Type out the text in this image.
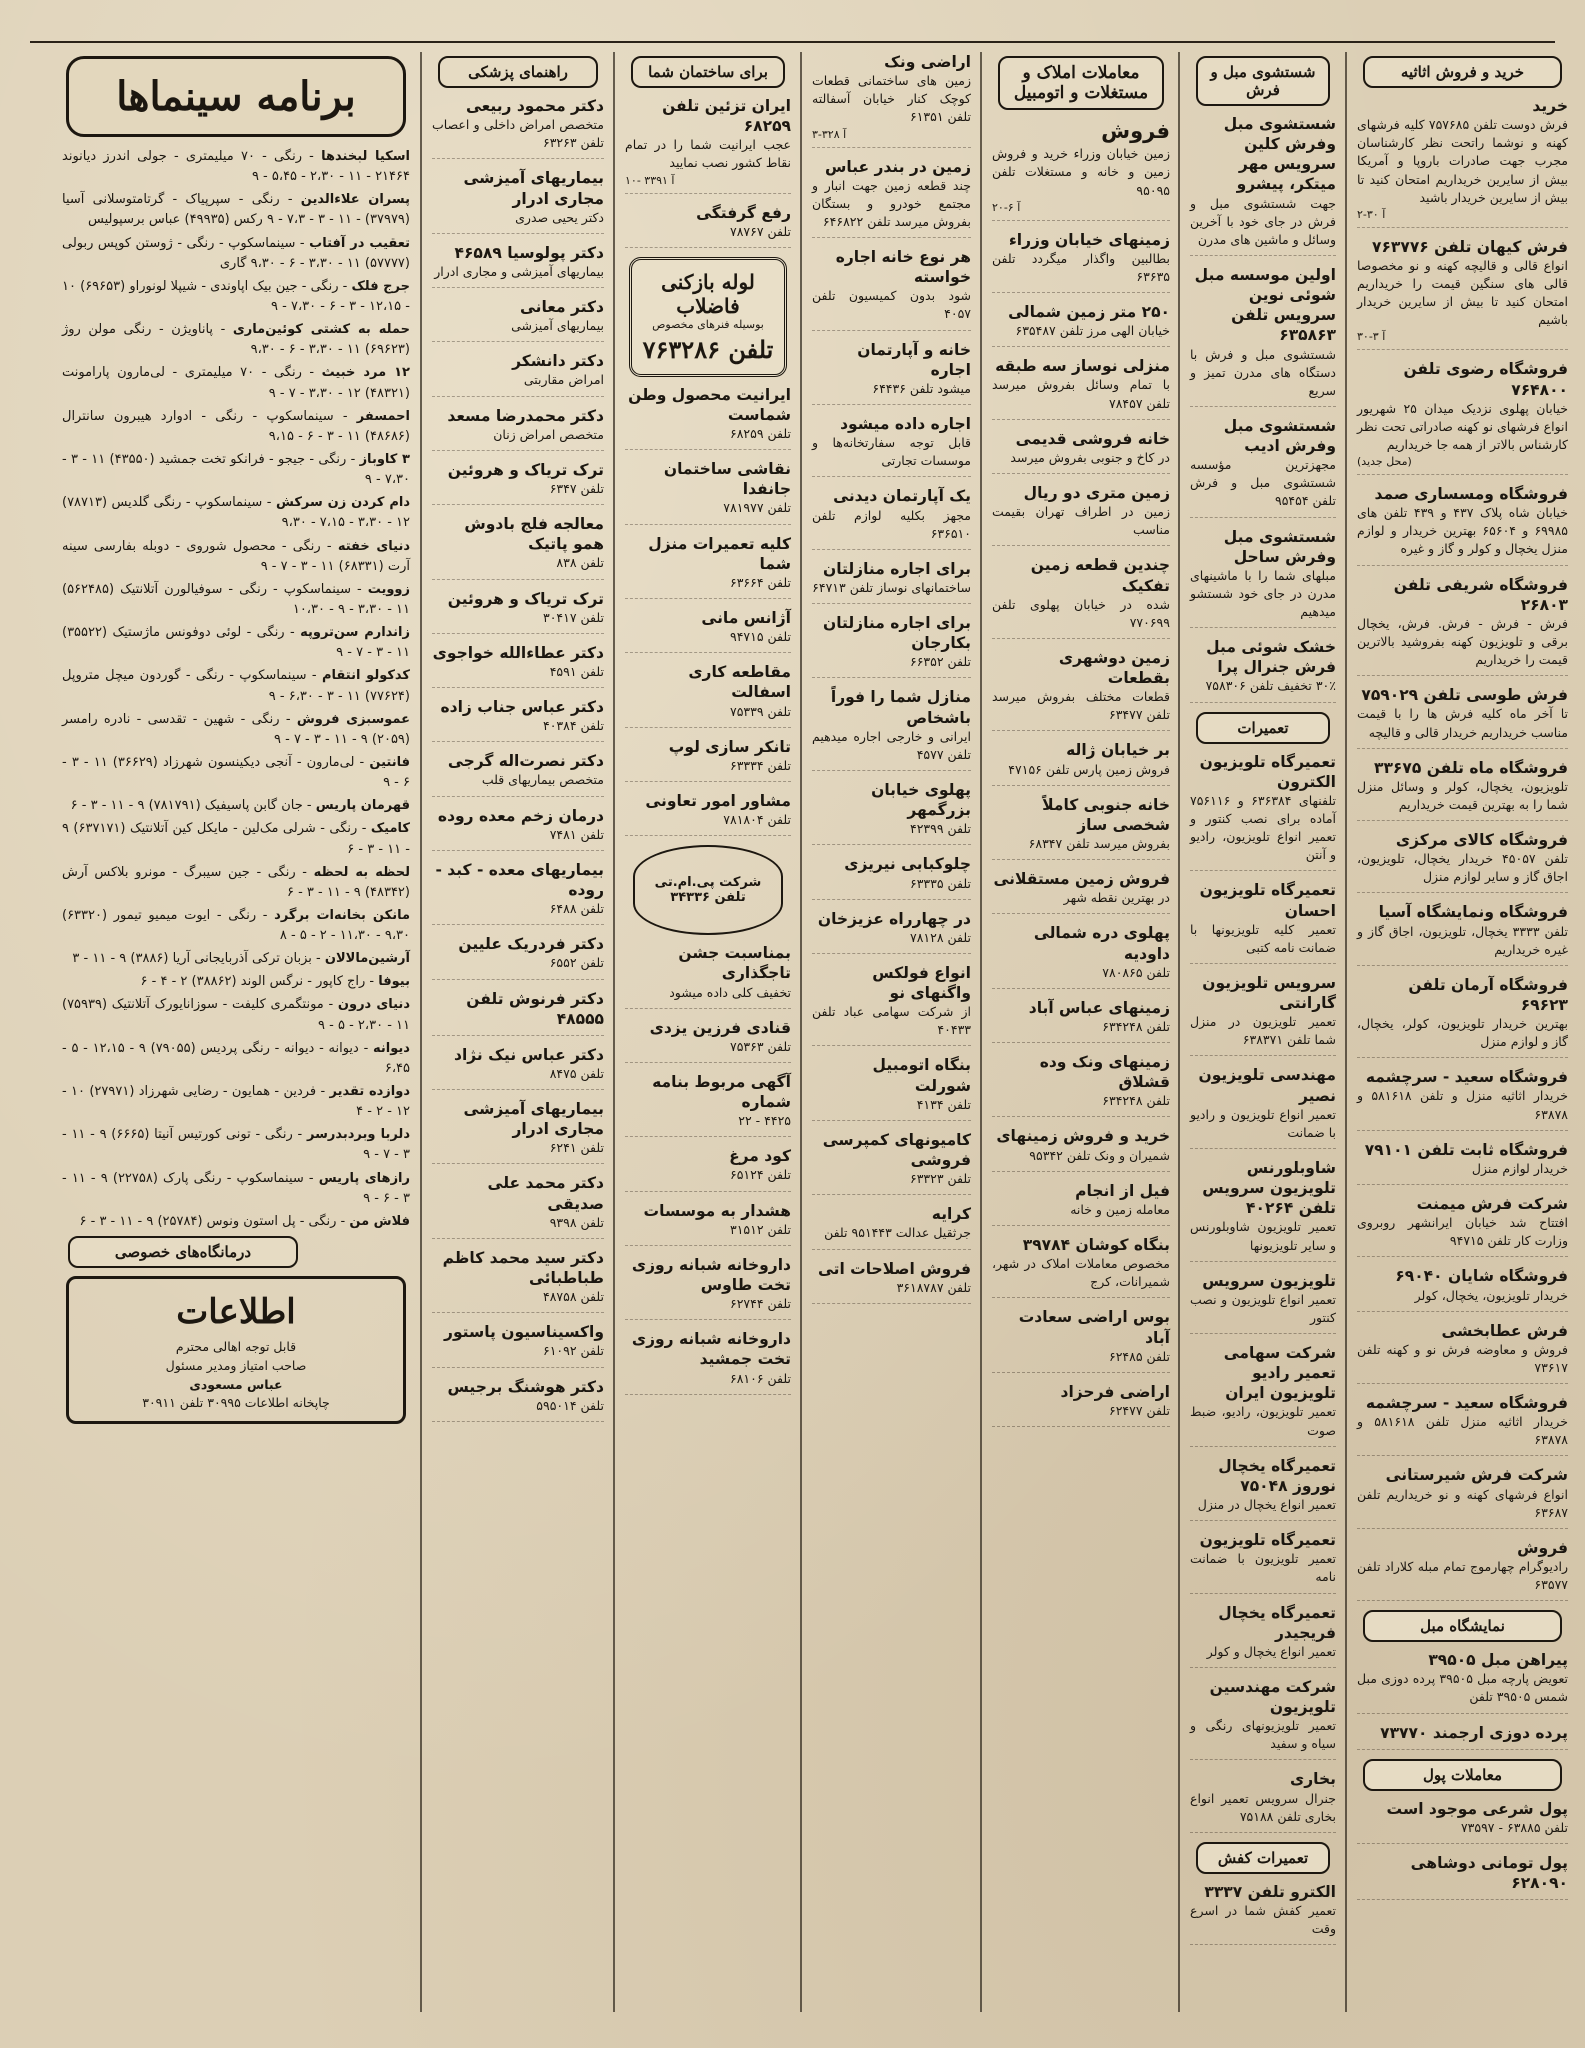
خرید و فروش اثاثیه
خرید

فرش دوست تلفن ۷۵۷۶۸۵ کلیه فرشهای کهنه و نوشما راتحت نظر کارشناسان مجرب جهت صادرات باروپا و آمریکا بیش از سایرین خریداریم امتحان کنید تا بیش از سایرین خریدار باشید

۲-۳۰ آ
فرش کیهان تلفن ۷۶۳۷۷۶

انواع قالی و قالیچه کهنه و نو مخصوصا قالی های سنگین قیمت را خریداریم امتحان کنید تا بیش از سایرین خریدار باشیم

۳۰-۳ آ
فروشگاه رضوی تلفن ۷۶۴۸۰۰

خیابان پهلوی نزدیک میدان ۲۵ شهریور انواع فرشهای نو کهنه صادراتی تحت نظر کارشناس بالاتر از همه جا خریداریم

(محل جدید)
فروشگاه ومسساری صمد

خیابان شاه پلاک ۴۳۷ و ۴۳۹ تلفن های ۶۹۹۸۵ و ۶۵۶۰۴ بهترین خریدار و لوازم منزل یخچال و کولر و گاز و غیره

فروشگاه شریفی تلفن ۲۶۸۰۳

فرش - فرش - فرش. فرش، یخچال برقی و تلویزیون کهنه بفروشید بالاترین قیمت را خریداریم

فرش طوسی تلفن ۷۵۹۰۲۹

تا آخر ماه کلیه فرش ها را با قیمت مناسب خریداریم خریدار قالی و قالیچه

فروشگاه ماه تلفن ۳۳۶۷۵

تلویزیون، یخچال، کولر و وسائل منزل شما را به بهترین قیمت خریداریم

فروشگاه کالای مرکزی

تلفن ۴۵۰۵۷ خریدار یخچال، تلویزیون، اجاق گاز و سایر لوازم منزل

فروشگاه ونمایشگاه آسیا

تلفن ۳۳۳۳ یخچال، تلویزیون، اجاق گاز و غیره خریداریم

فروشگاه آرمان تلفن ۶۹۶۲۳

بهترین خریدار تلویزیون، کولر، یخچال، گاز و لوازم منزل

فروشگاه سعید - سرچشمه

خریدار اثاثیه منزل و تلفن ۵۸۱۶۱۸ و ۶۳۸۷۸

فروشگاه ثابت تلفن ۷۹۱۰۱

خریدار لوازم منزل

شرکت فرش میمنت

افتتاح شد خیابان ایرانشهر روبروی وزارت کار تلفن ۹۴۷۱۵

فروشگاه شایان ۶۹۰۴۰

خریدار تلویزیون، یخچال، کولر

فرش عطابخشی

فروش و معاوضه فرش نو و کهنه تلفن ۷۳۶۱۷

فروشگاه سعید - سرچشمه

خریدار اثاثیه منزل تلفن ۵۸۱۶۱۸ و ۶۳۸۷۸

شرکت فرش شیرستانی

انواع فرشهای کهنه و نو خریداریم تلفن ۶۳۶۸۷

فروش

رادیوگرام چهارموج تمام مبله کلاراد تلفن ۶۳۵۷۷

نمایشگاه مبل
پیراهن مبل ۳۹۵۰۵

تعویض پارچه مبل ۳۹۵۰۵ پرده دوزی مبل شمس ۳۹۵۰۵ تلفن

پرده دوزی ارجمند ۷۳۷۷۰
معاملات پول
پول شرعی موجود است

تلفن ۶۳۸۸۵ - ۷۳۵۹۷

پول تومانی دوشاهی ۶۲۸۰۹۰
شستشوی مبل و فرش
شستشوی مبل وفرش کلین سرویس مهر میتکر، پیشرو

جهت شستشوی مبل و فرش در جای خود با آخرین وسائل و ماشین های مدرن

اولین موسسه مبل شوئی نوین سرویس تلفن ۶۳۵۸۶۳

شستشوی مبل و فرش با دستگاه های مدرن تمیز و سریع

شستشوی مبل وفرش ادیب

مجهزترین مؤسسه شستشوی مبل و فرش تلفن ۹۵۴۵۴

شستشوی مبل وفرش ساحل

مبلهای شما را با ماشینهای مدرن در جای خود شستشو میدهیم

خشک شوئی مبل فرش جنرال پرا

۳۰٪ تخفیف تلفن ۷۵۸۳۰۶

تعمیرات
تعمیرگاه تلویزیون الکترون

تلفنهای ۶۳۶۳۸۴ و ۷۵۶۱۱۶ آماده برای نصب کنتور و تعمیر انواع تلویزیون، رادیو و آنتن

تعمیرگاه تلویزیون احسان

تعمیر کلیه تلویزیونها با ضمانت نامه کتبی

سرویس تلویزیون گارانتی

تعمیر تلویزیون در منزل شما تلفن ۶۳۸۳۷۱

مهندسی تلویزیون نصیر

تعمیر انواع تلویزیون و رادیو با ضمانت

شاوبلورنس تلویزیون سرویس تلفن ۴۰۲۶۴

تعمیر تلویزیون شاوبلورنس و سایر تلویزیونها

تلویزیون سرویس

تعمیر انواع تلویزیون و نصب کنتور

شرکت سهامی تعمیر رادیو تلویزیون ایران

تعمیر تلویزیون، رادیو، ضبط صوت

تعمیرگاه یخچال نوروز ۷۵۰۴۸

تعمیر انواع یخچال در منزل

تعمیرگاه تلویزیون

تعمیر تلویزیون با ضمانت نامه

تعمیرگاه یخچال فریجیدر

تعمیر انواع یخچال و کولر

شرکت مهندسین تلویزیون

تعمیر تلویزیونهای رنگی و سیاه و سفید

بخاری

جنرال سرویس تعمیر انواع بخاری تلفن ۷۵۱۸۸

تعمیرات کفش
الکترو تلفن ۳۳۳۷

تعمیر کفش شما در اسرع وقت

معاملات املاک و مستغلات و اتومبیل
فروش

زمین خیابان وزراء خرید و فروش زمین و خانه و مستغلات تلفن ۹۵۰۹۵

۲۰-۶ آ
زمینهای خیابان وزراء

بطالبین واگذار میگردد تلفن ۶۳۶۳۵

۲۵۰ متر زمین شمالی

خیابان الهی مرز تلفن ۶۳۵۴۸۷

منزلی نوساز سه طبقه

با تمام وسائل بفروش میرسد تلفن ۷۸۴۵۷

خانه فروشی قدیمی

در کاخ و جنوبی بفروش میرسد

زمین متری دو ریال

زمین در اطراف تهران بقیمت مناسب

چندین قطعه زمین تفکیک

شده در خیابان پهلوی تلفن ۷۷۰۶۹۹

زمین دوشهری بقطعات

قطعات مختلف بفروش میرسد تلفن ۶۳۴۷۷

بر خیابان ژاله

فروش زمین پارس تلفن ۴۷۱۵۶

خانه جنوبی کاملاً شخصی ساز

بفروش میرسد تلفن ۶۸۳۴۷

فروش زمین مستقلانی

در بهترین نقطه شهر

پهلوی دره شمالی داودیه

تلفن ۷۸۰۸۶۵

زمینهای عباس آباد

تلفن ۶۳۴۲۴۸

زمینهای ونک وده قشلاق

تلفن ۶۳۴۲۴۸

خرید و فروش زمینهای

شمیران و ونک تلفن ۹۵۳۴۲

فیل از انجام

معامله زمین و خانه

بنگاه کوشان ۳۹۷۸۴

مخصوص معاملات املاک در شهر، شمیرانات، کرج

بوس اراضی سعادت آباد

تلفن ۶۲۴۸۵

اراضی فرحزاد

تلفن ۶۲۴۷۷

اراضی ونک

زمین های ساختمانی قطعات کوچک کنار خیابان آسفالته تلفن ۶۱۳۵۱

۳-۳۲۸ آ
زمین در بندر عباس

چند قطعه زمین جهت انبار و مجتمع خودرو و بستگان بفروش میرسد تلفن ۶۴۶۸۲۲

هر نوع خانه اجاره خواسته

شود بدون کمیسیون تلفن ۴۰۵۷

خانه و آپارتمان اجاره

میشود تلفن ۶۴۴۳۶

اجاره داده میشود

قابل توجه سفارتخانه‌ها و موسسات تجارتی

یک آپارتمان دیدنی

مجهز بکلیه لوازم تلفن ۶۳۶۵۱۰

برای اجاره منازلتان

ساختمانهای نوساز تلفن ۶۴۷۱۳

برای اجاره منازلتان بکارجان

تلفن ۶۶۳۵۲

منازل شما را فوراً باشخاص

ایرانی و خارجی اجاره میدهیم تلفن ۴۵۷۷

پهلوی خیابان بزرگمهر

تلفن ۴۲۳۹۹

چلوکبابی نیریزی

تلفن ۶۳۳۳۵

در چهارراه عزیزخان

تلفن ۷۸۱۲۸

انواع فولکس واگنهای نو

از شرکت سهامی عباد تلفن ۴۰۴۳۳

بنگاه اتومبیل شورلت

تلفن ۴۱۳۴

کامیونهای کمپرسی فروشی

تلفن ۶۳۳۲۳

کرایه

جرثقیل عدالت ۹۵۱۴۴۳ تلفن

فروش اصلاحات اتی

تلفن ۳۶۱۸۷۸۷

برای ساختمان شما
ایران تزئین تلفن ۶۸۲۵۹

عجب ایرانیت شما را در تمام نقاط کشور نصب نمایید

۱۰- ۳۳۹۱ آ
رفع گرفتگی

تلفن ۷۸۷۶۷

لوله بازکنی فاضلاب
بوسیله فنرهای مخصوص
تلفن ۷۶۳۲۸۶
ایرانیت محصول وطن شماست

تلفن ۶۸۲۵۹

نقاشی ساختمان جانفدا

تلفن ۷۸۱۹۷۷

کلیه تعمیرات منزل شما

تلفن ۶۳۶۶۴

آژانس مانی

تلفن ۹۴۷۱۵

مقاطعه کاری اسفالت

تلفن ۷۵۳۳۹

تانکر سازی لوپ

تلفن ۶۳۳۳۴

مشاور امور تعاونی

تلفن ۷۸۱۸۰۴

شرکت پی.ام.تی
تلفن ۳۴۳۳۶
بمناسبت جشن تاجگذاری

تخفیف کلی داده میشود

قنادی فرزین یزدی

تلفن ۷۵۳۶۳

آگهی مربوط بنامه شماره

۴۴۲۵ - ۲۲

کود مرغ

تلفن ۶۵۱۲۴

هشدار به موسسات

تلفن ۳۱۵۱۲

داروخانه شبانه روزی تخت طاوس

تلفن ۶۲۷۴۴

داروخانه شبانه روزی تخت جمشید

تلفن ۶۸۱۰۶

راهنمای پزشکی
دکتر محمود ربیعی

متخصص امراض داخلی و اعصاب تلفن ۶۳۲۶۳

بیماریهای آمیزشی مجاری ادرار

دکتر یحیی صدری

دکتر پولوسیا ۴۶۵۸۹

بیماریهای آمیزشی و مجاری ادرار

دکتر معانی

بیماریهای آمیزشی

دکتر دانشکر

امراض مقاربتی

دکتر محمدرضا مسعد

متخصص امراض زنان

ترک تریاک و هروئین

تلفن ۶۳۴۷

معالجه فلج بادوش همو پاتیک

تلفن ۸۳۸

ترک تریاک و هروئین

تلفن ۳۰۴۱۷

دکتر عطاءالله خواجوی

تلفن ۴۵۹۱

دکتر عباس جناب زاده

تلفن ۴۰۳۸۴

دکتر نصرت‌اله گرجی

متخصص بیماریهای قلب

درمان زخم معده روده

تلفن ۷۴۸۱

بیماریهای معده - کبد - روده

تلفن ۶۴۸۸

دکتر فردریک علیین

تلفن ۶۵۵۲

دکتر فرنوش تلفن ۴۸۵۵۵
دکتر عباس نیک نژاد

تلفن ۸۴۷۵

بیماریهای آمیزشی مجاری ادرار

تلفن ۶۲۴۱

دکتر محمد علی صدیقی

تلفن ۹۳۹۸

دکتر سید محمد کاظم طباطبائی

تلفن ۴۸۷۵۸

واکسیناسیون پاستور

تلفن ۶۱۰۹۲

دکتر هوشنگ برجیس

تلفن ۵۹۵۰۱۴

برنامه سینماها
اسکیا لبخندها - رنگی - ۷۰ میلیمتری - جولی اندرز دیانوند ۲۱۴۶۴ - ۱۱ - ۲،۳۰ - ۵،۴۵ - ۹
پسران علاءالدین - رنگی - سپرپیاک - گرتامتوسلانی آسیا (۳۷۹۷۹) - ۱۱ - ۳ - ۷،۳ - ۹ رکس (۴۹۹۳۵) عباس برسپولیس
تعقیب در آفتاب - سینماسکوپ - رنگی - ژوستن کوپس ربولی (۵۷۷۷۷) ۱۱ - ۳،۳۰ - ۶ - ۹،۳۰ گاری
جرج فلک - رنگی - جین بیک اپاوندی - شیپلا لونوراو (۶۹۶۵۳) ۱۰ - ۱۲،۱۵ - ۳ - ۶ - ۷،۳۰ - ۹
حمله به کشتی کوئین‌ماری - پاناویژن - رنگی مولن روژ (۶۹۶۲۳) ۱۱ - ۳،۳۰ - ۶ - ۹،۳۰
۱۲ مرد خبیث - رنگی - ۷۰ میلیمتری - لی‌مارون پارامونت (۴۸۳۲۱) ۱۲ - ۳،۳۰ - ۷ - ۹
احمسفر - سینماسکوپ - رنگی - ادوارد هیبرون سانترال (۴۸۶۸۶) ۱۱ - ۳ - ۶ - ۹،۱۵
۳ کاوباز - رنگی - جیجو - فرانکو تخت جمشید (۴۳۵۵۰) ۱۱ - ۳ - ۷،۳۰ - ۹
دام کردن زن سرکش - سینماسکوپ - رنگی گلدیس (۷۸۷۱۳) ۱۲ - ۳،۳۰ - ۷،۱۵ - ۹،۳۰
دنیای خفته - رنگی - محصول شوروی - دوبله بفارسی سینه آرت (۶۸۳۳۱) ۱۱ - ۳ - ۷ - ۹
زوویت - سینماسکوپ - رنگی - سوفیالورن آتلانتیک (۵۶۲۴۸۵) ۱۱ - ۳،۳۰ - ۹ - ۱۰،۳۰
زاندارم سن‌تروپه - رنگی - لوئی دوفونس ماژستیک (۳۵۵۲۲) ۱۱ - ۳ - ۷ - ۹
کدکولو انتقام - سینماسکوپ - رنگی - گوردون میچل متروپل (۷۷۶۲۴) ۱۱ - ۳ - ۶،۳۰ - ۹
عموسبزی فروش - رنگی - شهین - تقدسی - نادره رامسر (۲۰۵۹) ۹ - ۱۱ - ۳ - ۷ - ۹
فانتین - لی‌مارون - آنجی دیکینسون شهرزاد (۳۶۶۲۹) ۱۱ - ۳ - ۶ - ۹
قهرمان پاریس - جان گابن پاسیفیک (۷۸۱۷۹۱) ۹ - ۱۱ - ۳ - ۶
کامیک - رنگی - شرلی مک‌لین - مایکل کین آتلانتیک (۶۳۷۱۷۱) ۹ - ۱۱ - ۳ - ۶
لحظه به لحظه - رنگی - جین سیبرگ - مونرو بلاکس آرش (۴۸۳۴۲) ۹ - ۱۱ - ۳ - ۶
مانکن بخانه‌ات برگرد - رنگی - ایوت میمیو تیمور (۶۳۳۲۰) ۹،۳۰ - ۱۱،۳۰ - ۲ - ۵ - ۸
آرشین‌مالالان - بزبان ترکی آذربایجانی آریا (۳۸۸۶) ۹ - ۱۱ - ۳
بیوفا - راج کاپور - نرگس الوند (۳۸۸۶۲) ۲ - ۴ - ۶
دنیای درون - مونتگمری کلیفت - سوزانایورک آتلانتیک (۷۵۹۳۹) ۱۱ - ۲،۳۰ - ۵ - ۹
دیوانه - دیوانه - دیوانه - رنگی پردیس (۷۹۰۵۵) ۹ - ۱۲،۱۵ - ۵ - ۶،۴۵
دوازده تقدیر - فردین - همایون - رضایی شهرزاد (۲۷۹۷۱) ۱۰ - ۱۲ - ۲ - ۴
دلربا وبردبدرسر - رنگی - تونی کورتیس آنیتا (۶۶۶۵) ۹ - ۱۱ - ۳ - ۷ - ۹
رازهای پاریس - سینماسکوپ - رنگی پارک (۲۲۷۵۸) ۹ - ۱۱ - ۳ - ۶ - ۹
فلاش من - رنگی - پل استون ونوس (۲۵۷۸۴) ۹ - ۱۱ - ۳ - ۶
درمانگاه‌های خصوصی
اطلاعات
قابل توجه اهالی محترم
صاحب امتیاز ومدیر مسئول
عباس مسعودی
چاپخانه اطلاعات ۳۰۹۹۵ تلفن ۳۰۹۱۱
